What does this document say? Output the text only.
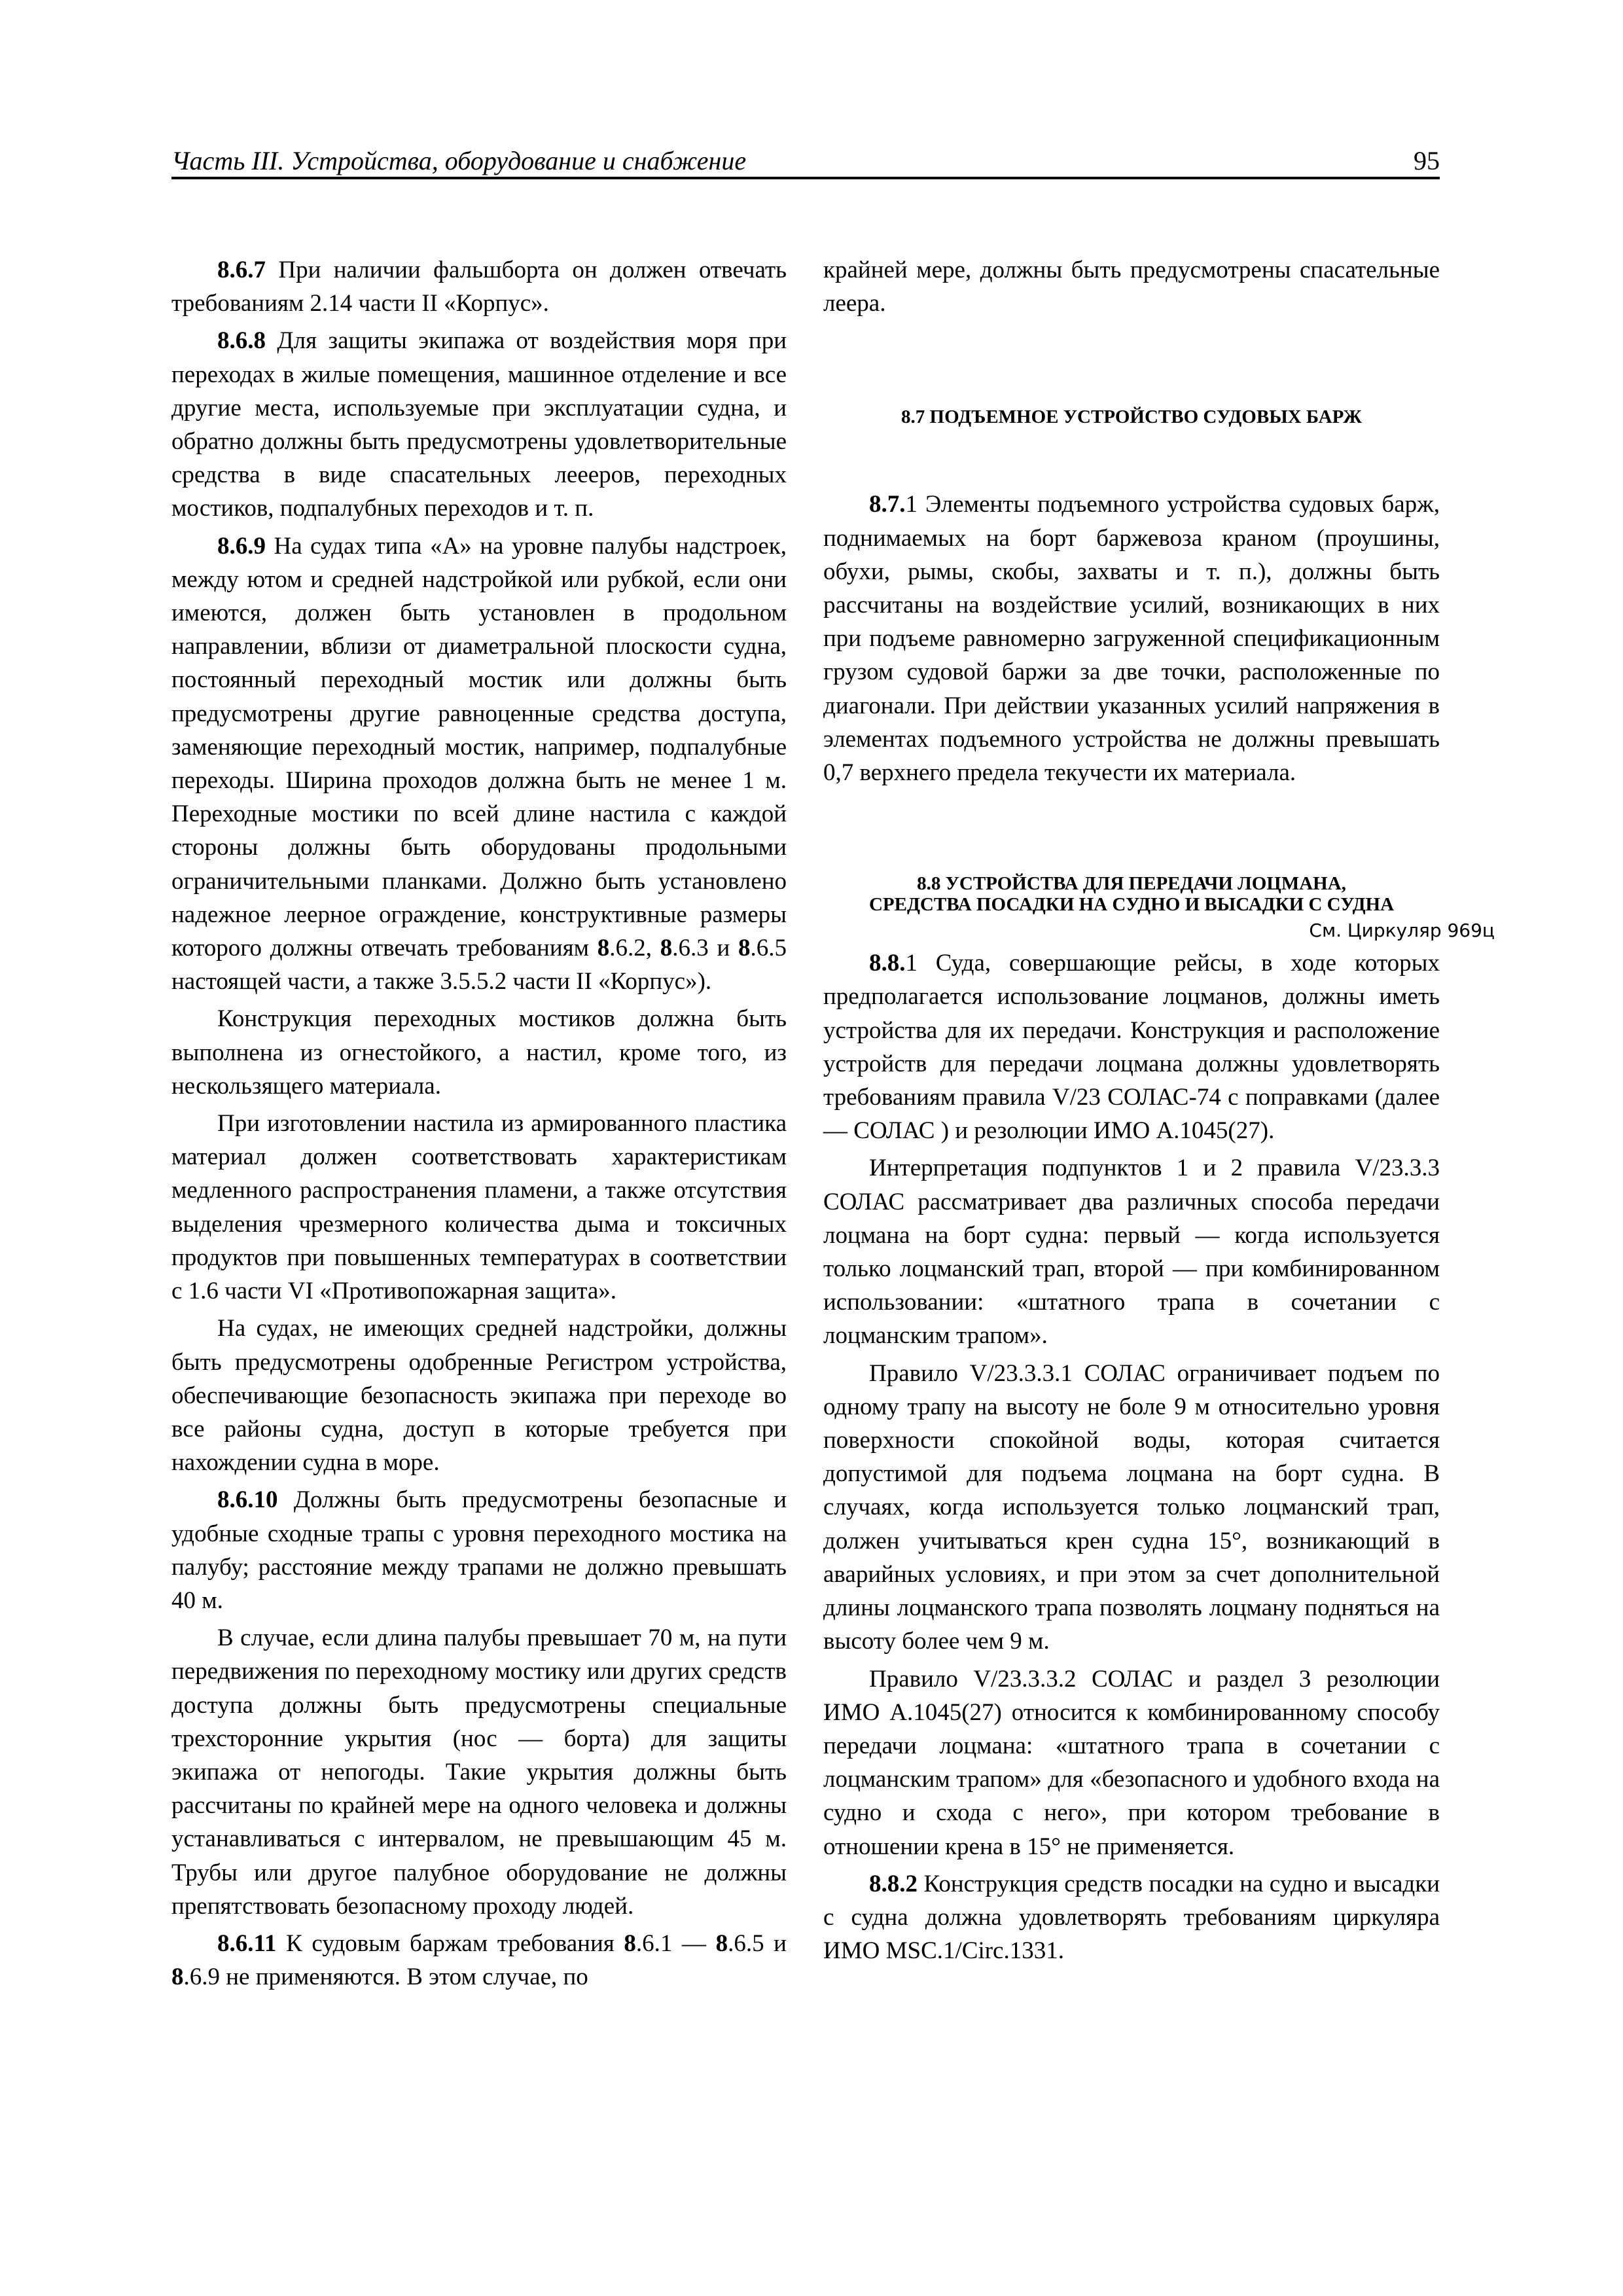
Часть III. Устройства, оборудование и снабжение	95

8.6.7 При наличии фальшборта он должен отвечать требованиям 2.14 части II «Корпус».

8.6.8 Для защиты экипажа от воздействия моря при переходах в жилые помещения, машинное отделение и все другие места, используемые при эксплуатации судна, и обратно должны быть предусмотрены удовлетворительные средства в виде спасательных леееров, переходных мостиков, подпалубных переходов и т. п.

8.6.9 На судах типа «А» на уровне палубы надстроек, между ютом и средней надстройкой или рубкой, если они имеются, должен быть установлен в продольном направлении, вблизи от диаметральной плоскости судна, постоянный переходный мостик или должны быть предусмотрены другие равноценные средства доступа, заменяющие переходный мостик, например, подпалубные переходы. Ширина проходов должна быть не менее 1 м. Переходные мостики по всей длине настила с каждой стороны должны быть оборудованы продольными ограничительными планками. Должно быть установлено надежное леерное ограждение, конструктивные размеры которого должны отвечать требованиям 8.6.2, 8.6.3 и 8.6.5 настоящей части, а также 3.5.5.2 части II «Корпус»).

Конструкция переходных мостиков должна быть выполнена из огнестойкого, а настил, кроме того, из нескользящего материала.

При изготовлении настила из армированного пластика материал должен соответствовать характеристикам медленного распространения пламени, а также отсутствия выделения чрезмерного количества дыма и токсичных продуктов при повышенных температурах в соответствии с 1.6 части VI «Противопожарная защита».

На судах, не имеющих средней надстройки, должны быть предусмотрены одобренные Регистром устройства, обеспечивающие безопасность экипажа при переходе во все районы судна, доступ в которые требуется при нахождении судна в море.

8.6.10 Должны быть предусмотрены безопасные и удобные сходные трапы с уровня переходного мостика на палубу; расстояние между трапами не должно превышать 40 м.

В случае, если длина палубы превышает 70 м, на пути передвижения по переходному мостику или других средств доступа должны быть предусмотрены специальные трехсторонние укрытия (нос — борта) для защиты экипажа от непогоды. Такие укрытия должны быть рассчитаны по крайней мере на одного человека и должны устанавливаться с интервалом, не превышающим 45 м. Трубы или другое палубное оборудование не должны препятствовать безопасному проходу людей.

8.6.11 К судовым баржам требования 8.6.1 — 8.6.5 и 8.6.9 не применяются. В этом случае, по

крайней мере, должны быть предусмотрены спасательные леера.

8.7 ПОДЪЕМНОЕ УСТРОЙСТВО СУДОВЫХ БАРЖ

8.7.1 Элементы подъемного устройства судовых барж, поднимаемых на борт баржевоза краном (проушины, обухи, рымы, скобы, захваты и т. п.), должны быть рассчитаны на воздействие усилий, возникающих в них при подъеме равномерно загруженной спецификационным грузом судовой баржи за две точки, расположенные по диагонали. При действии указанных усилий напряжения в элементах подъемного устройства не должны превышать 0,7 верхнего предела текучести их материала.

8.8 УСТРОЙСТВА ДЛЯ ПЕРЕДАЧИ ЛОЦМАНА,

СРЕДСТВА ПОСАДКИ НА СУДНО И ВЫСАДКИ С СУДНА

См. Циркуляр 969ц

8.8.1 Суда, совершающие рейсы, в ходе которых предполагается использование лоцманов, должны иметь устройства для их передачи. Конструкция и расположение устройств для передачи лоцмана должны удовлетворять требованиям правила V/23 СОЛАС-74 с поправками (далее — СОЛАС ) и резолюции ИМО А.1045(27).

Интерпретация подпунктов 1 и 2 правила V/23.3.3 СОЛАС рассматривает два различных способа передачи лоцмана на борт судна: первый — когда используется только лоцманский трап, второй — при комбинированном использовании: «штатного трапа в сочетании с лоцманским трапом».

Правило V/23.3.3.1 СОЛАС ограничивает подъем по одному трапу на высоту не боле 9 м относительно уровня поверхности спокойной воды, которая считается допустимой для подъема лоцмана на борт судна. В случаях, когда используется только лоцманский трап, должен учитываться крен судна 15°, возникающий в аварийных условиях, и при этом за счет дополнительной длины лоцманского трапа позволять лоцману подняться на высоту более чем 9 м.

Правило V/23.3.3.2 СОЛАС и раздел 3 резолюции ИМО А.1045(27) относится к комбинированному способу передачи лоцмана: «штатного трапа в сочетании с лоцманским трапом» для «безопасного и удобного входа на судно и схода с него», при котором требование в отношении крена в 15° не применяется.

8.8.2 Конструкция средств посадки на судно и высадки с судна должна удовлетворять требованиям циркуляра ИМО MSC.1/Circ.1331.
